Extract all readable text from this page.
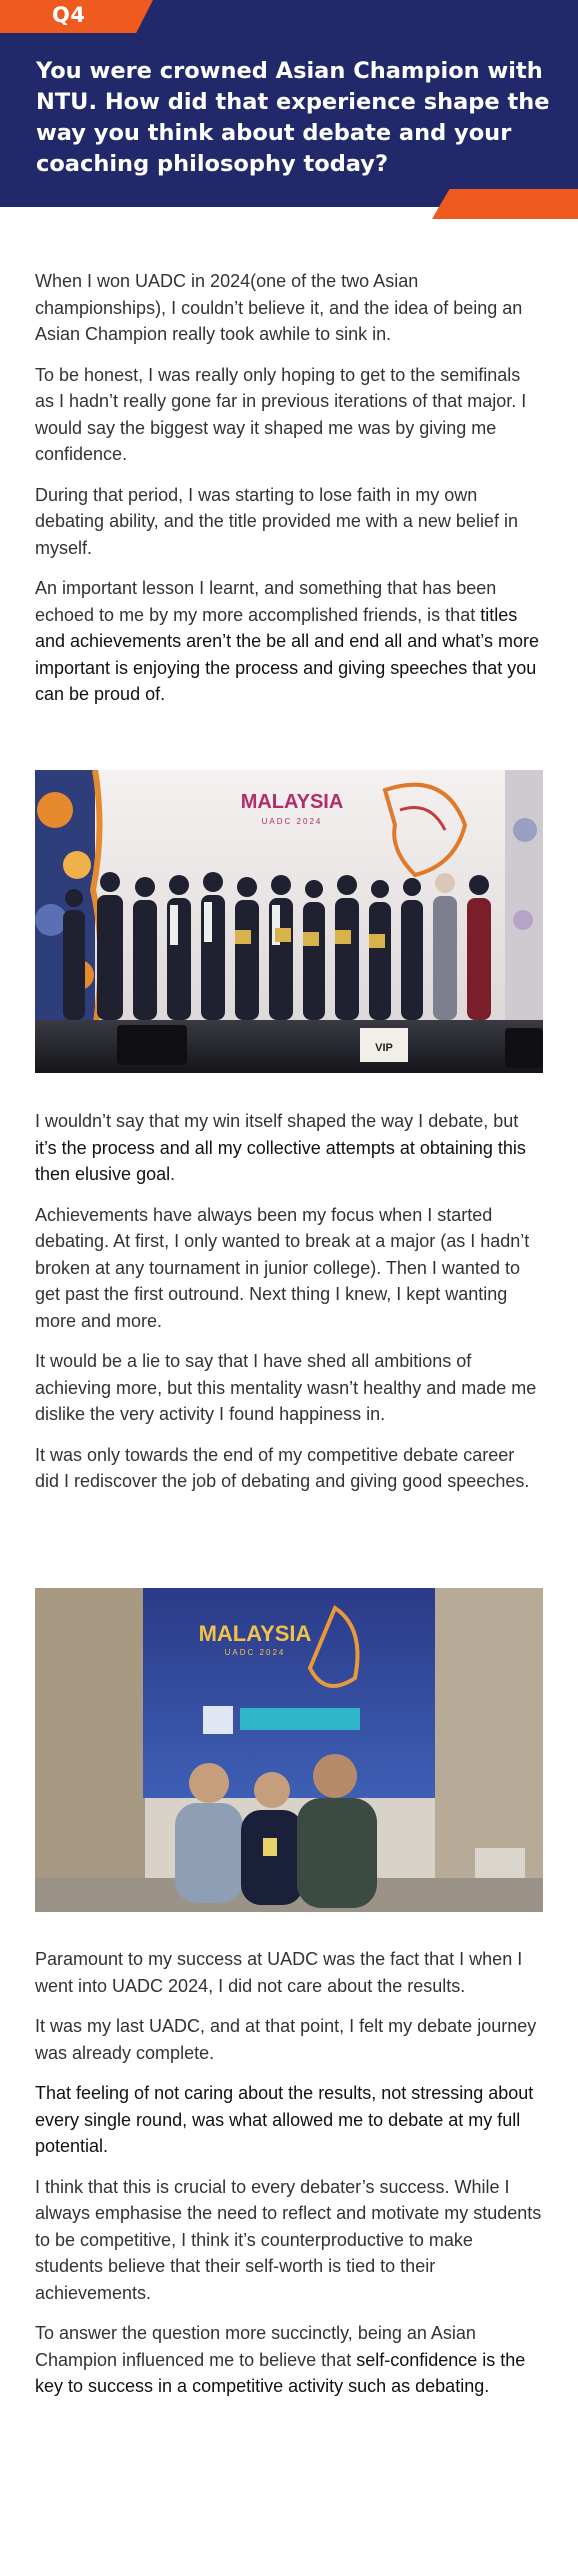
Q4
You were crowned Asian Champion with NTU. How did that experience shape the way you think about debate and your coaching philosophy today?

When I won UADC in 2024(one of the two Asian championships), I couldn’t believe it, and the idea of being an Asian Champion really took awhile to sink in.

To be honest, I was really only hoping to get to the semifinals as I hadn’t really gone far in previous iterations of that major. I would say the biggest way it shaped me was by giving me confidence.

During that period, I was starting to lose faith in my own debating ability, and the title provided me with a new belief in myself.

An important lesson I learnt, and something that has been echoed to me by my more accomplished friends, is that titles and achievements aren’t the be all and end all and what’s more important is enjoying the process and giving speeches that you can be proud of.

VIP
MALAYSIA
UADC 2024

I wouldn’t say that my win itself shaped the way I debate, but it’s the process and all my collective attempts at obtaining this then elusive goal.

Achievements have always been my focus when I started debating. At first, I only wanted to break at a major (as I hadn’t broken at any tournament in junior college). Then I wanted to get past the first outround. Next thing I knew, I kept wanting more and more.

It would be a lie to say that I have shed all ambitions of achieving more, but this mentality wasn’t healthy and made me dislike the very activity I found happiness in.

It was only towards the end of my competitive debate career did I rediscover the job of debating and giving good speeches.

MALAYSIA
UADC 2024

Paramount to my success at UADC was the fact that I when I went into UADC 2024, I did not care about the results.

It was my last UADC, and at that point, I felt my debate journey was already complete.

That feeling of not caring about the results, not stressing about every single round, was what allowed me to debate at my full potential.

I think that this is crucial to every debater’s success. While I always emphasise the need to reflect and motivate my students to be competitive, I think it’s counterproductive to make students believe that their self-worth is tied to their achievements.

To answer the question more succinctly, being an Asian Champion influenced me to believe that self-confidence is the key to success in a competitive activity such as debating.
